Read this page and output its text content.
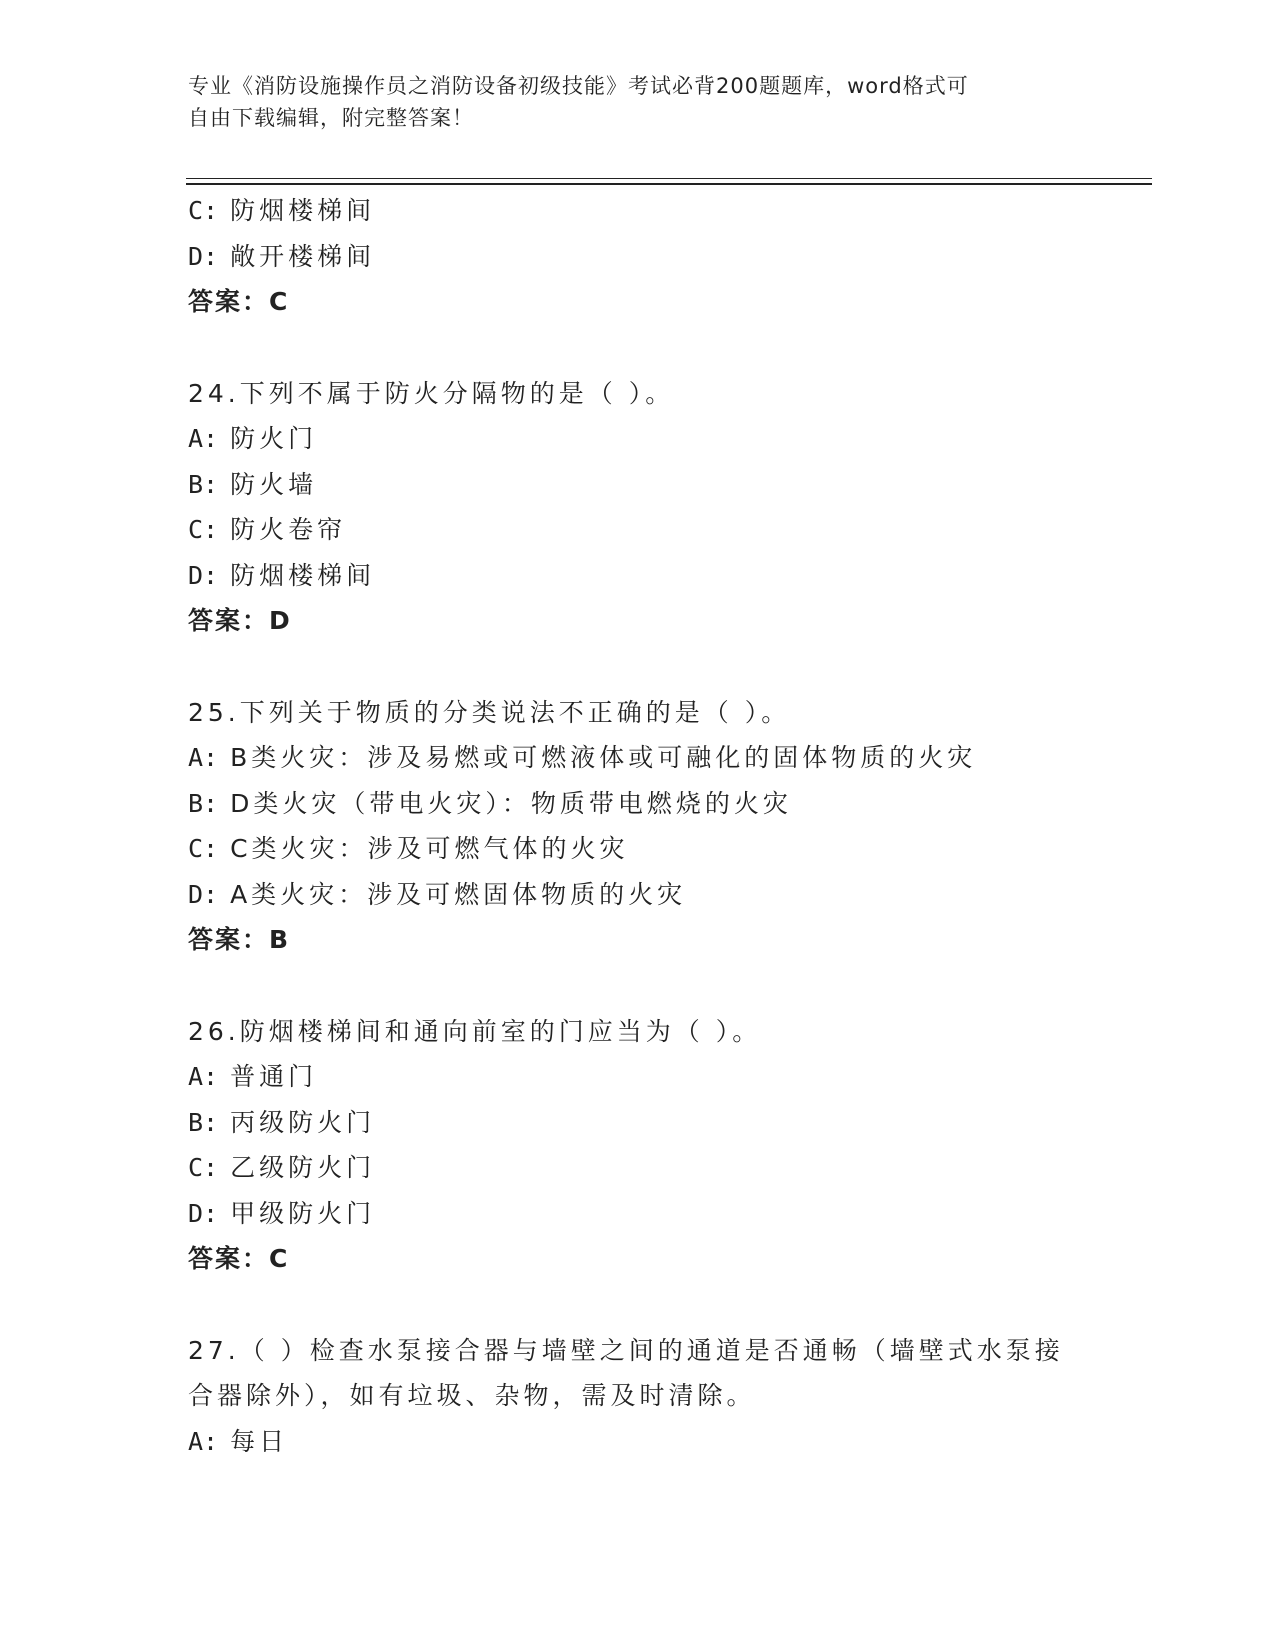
专业《消防设施操作员之消防设备初级技能》考试必背200题题库，word格式可
自由下载编辑，附完整答案！
C: 防烟楼梯间
D: 敞开楼梯间
答案：C
24.下列不属于防火分隔物的是（ ）。
A: 防火门
B: 防火墙
C: 防火卷帘
D: 防烟楼梯间
答案：D
25.下列关于物质的分类说法不正确的是（ ）。
A: B类火灾：涉及易燃或可燃液体或可融化的固体物质的火灾
B: D类火灾（带电火灾）：物质带电燃烧的火灾
C: C类火灾：涉及可燃气体的火灾
D: A类火灾：涉及可燃固体物质的火灾
答案：B
26.防烟楼梯间和通向前室的门应当为（ ）。
A: 普通门
B: 丙级防火门
C: 乙级防火门
D: 甲级防火门
答案：C
27.（ ）检查水泵接合器与墙壁之间的通道是否通畅（墙壁式水泵接
合器除外），如有垃圾、杂物，需及时清除。
A: 每日
